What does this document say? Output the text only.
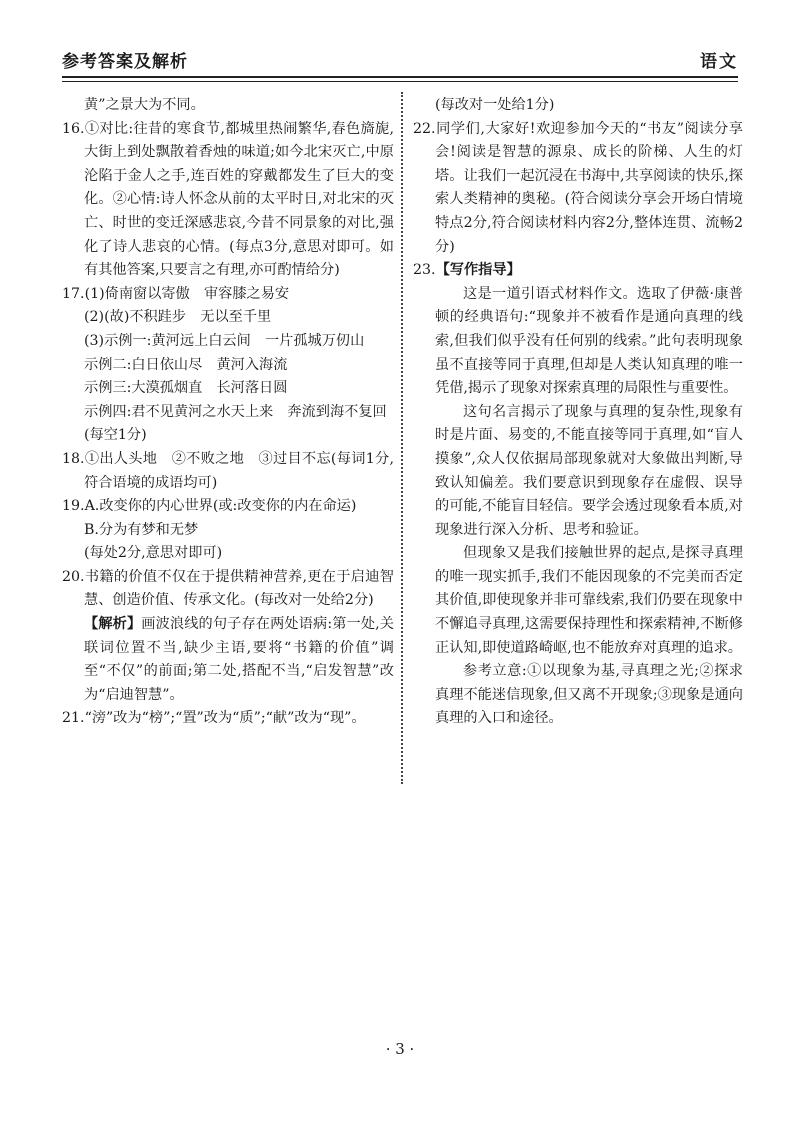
参考答案及解析	语文

黄”之景大为不同。

16.①对比:往昔的寒食节,都城里热闹繁华,春色旖旎,大街上到处飘散着香烛的味道;如今北宋灭亡,中原沦陷于金人之手,连百姓的穿戴都发生了巨大的变化。②心情:诗人怀念从前的太平时日,对北宋的灭亡、时世的变迁深感悲哀,今昔不同景象的对比,强化了诗人悲哀的心情。(每点3分,意思对即可。如有其他答案,只要言之有理,亦可酌情给分)

17.(1)倚南窗以寄傲　审容膝之易安

(2)(故)不积跬步　无以至千里

(3)示例一:黄河远上白云间　一片孤城万仞山

示例二:白日依山尽　黄河入海流

示例三:大漠孤烟直　长河落日圆

示例四:君不见黄河之水天上来　奔流到海不复回

(每空1分)

18.①出人头地　②不败之地　③过目不忘(每词1分,符合语境的成语均可)

19.A.改变你的内心世界(或:改变你的内在命运)

B.分为有梦和无梦

(每处2分,意思对即可)

20.书籍的价值不仅在于提供精神营养,更在于启迪智慧、创造价值、传承文化。(每改对一处给2分)

【解析】画波浪线的句子存在两处语病:第一处,关联词位置不当,缺少主语,要将“书籍的价值”调至“不仅”的前面;第二处,搭配不当,“启发智慧”改为“启迪智慧”。

21.“滂”改为“榜”;“置”改为“质”;“献”改为“现”。

(每改对一处给1分)

22.同学们,大家好!欢迎参加今天的“书友”阅读分享会!阅读是智慧的源泉、成长的阶梯、人生的灯塔。让我们一起沉浸在书海中,共享阅读的快乐,探索人类精神的奥秘。(符合阅读分享会开场白情境特点2分,符合阅读材料内容2分,整体连贯、流畅2分)

23.【写作指导】

这是一道引语式材料作文。选取了伊薇·康普顿的经典语句:“现象并不被看作是通向真理的线索,但我们似乎没有任何别的线索。”此句表明现象虽不直接等同于真理,但却是人类认知真理的唯一凭借,揭示了现象对探索真理的局限性与重要性。

这句名言揭示了现象与真理的复杂性,现象有时是片面、易变的,不能直接等同于真理,如“盲人摸象”,众人仅依据局部现象就对大象做出判断,导致认知偏差。我们要意识到现象存在虚假、误导的可能,不能盲目轻信。要学会透过现象看本质,对现象进行深入分析、思考和验证。

但现象又是我们接触世界的起点,是探寻真理的唯一现实抓手,我们不能因现象的不完美而否定其价值,即使现象并非可靠线索,我们仍要在现象中不懈追寻真理,这需要保持理性和探索精神,不断修正认知,即使道路崎岖,也不能放弃对真理的追求。

参考立意:①以现象为基,寻真理之光;②探求真理不能迷信现象,但又离不开现象;③现象是通向真理的入口和途径。

· 3 ·
